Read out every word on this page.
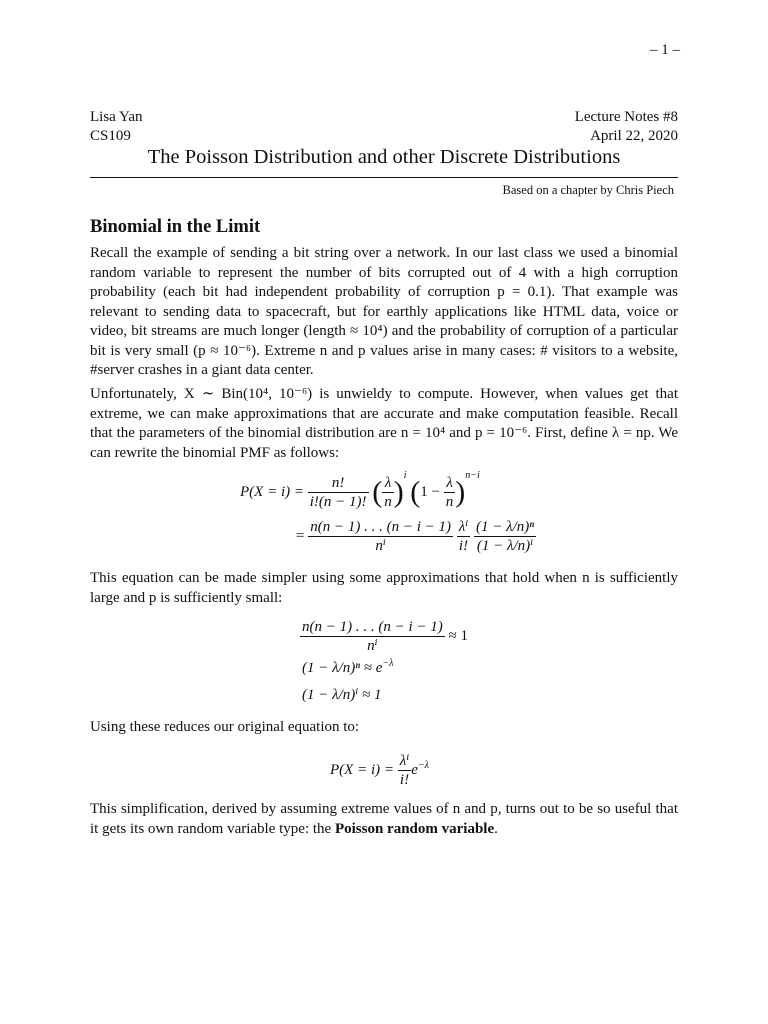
– 1 –
Lisa Yan
CS109
Lecture Notes #8
April 22, 2020
The Poisson Distribution and other Discrete Distributions
Based on a chapter by Chris Piech
Binomial in the Limit

Recall the example of sending a bit string over a network. In our last class we used a binomial random variable to represent the number of bits corrupted out of 4 with a high corruption probability (each bit had independent probability of corruption p = 0.1). That example was relevant to sending data to spacecraft, but for earthly applications like HTML data, voice or video, bit streams are much longer (length ≈ 10⁴) and the probability of corruption of a particular bit is very small (p ≈ 10⁻⁶). Extreme n and p values arise in many cases: # visitors to a website, #server crashes in a giant data center.

Unfortunately, X ∼ Bin(10⁴, 10⁻⁶) is unwieldy to compute. However, when values get that extreme, we can make approximations that are accurate and make computation feasible. Recall that the parameters of the binomial distribution are n = 10⁴ and p = 10⁻⁶. First, define λ = np. We can rewrite the binomial PMF as follows:

$P(X = i) = \frac{n!}{i!(n - 1)!}$ ( $\frac{\lambda}{n} )^i$ $(1 - \frac{\lambda}{n} )^{n-i}$
= $\frac{n(n - 1) . . . (n - i - 1)}{\text{nⁱ}}$
$\frac{\text{λⁱ}}{i!}$
$\frac{\text{(1 − λ/n)ⁿ}}{\text{(1 − λ/n)ⁱ}}$

This equation can be made simpler using some approximations that hold when n is sufficiently large and p is sufficiently small:

$\frac{n(n - 1) . . . (n - i - 1)}{\text{nⁱ}} \approx 1$
$(1 - \lambda/n)^n \approx e^{-\lambda}$
(1 − λ/n)ⁱ ≈ 1

Using these reduces our original equation to:

$P(X = i) = \frac{\text{λⁱ}}{i!} e^{-\lambda}$

This simplification, derived by assuming extreme values of n and p, turns out to be so useful that it gets its own random variable type: the Poisson random variable.
